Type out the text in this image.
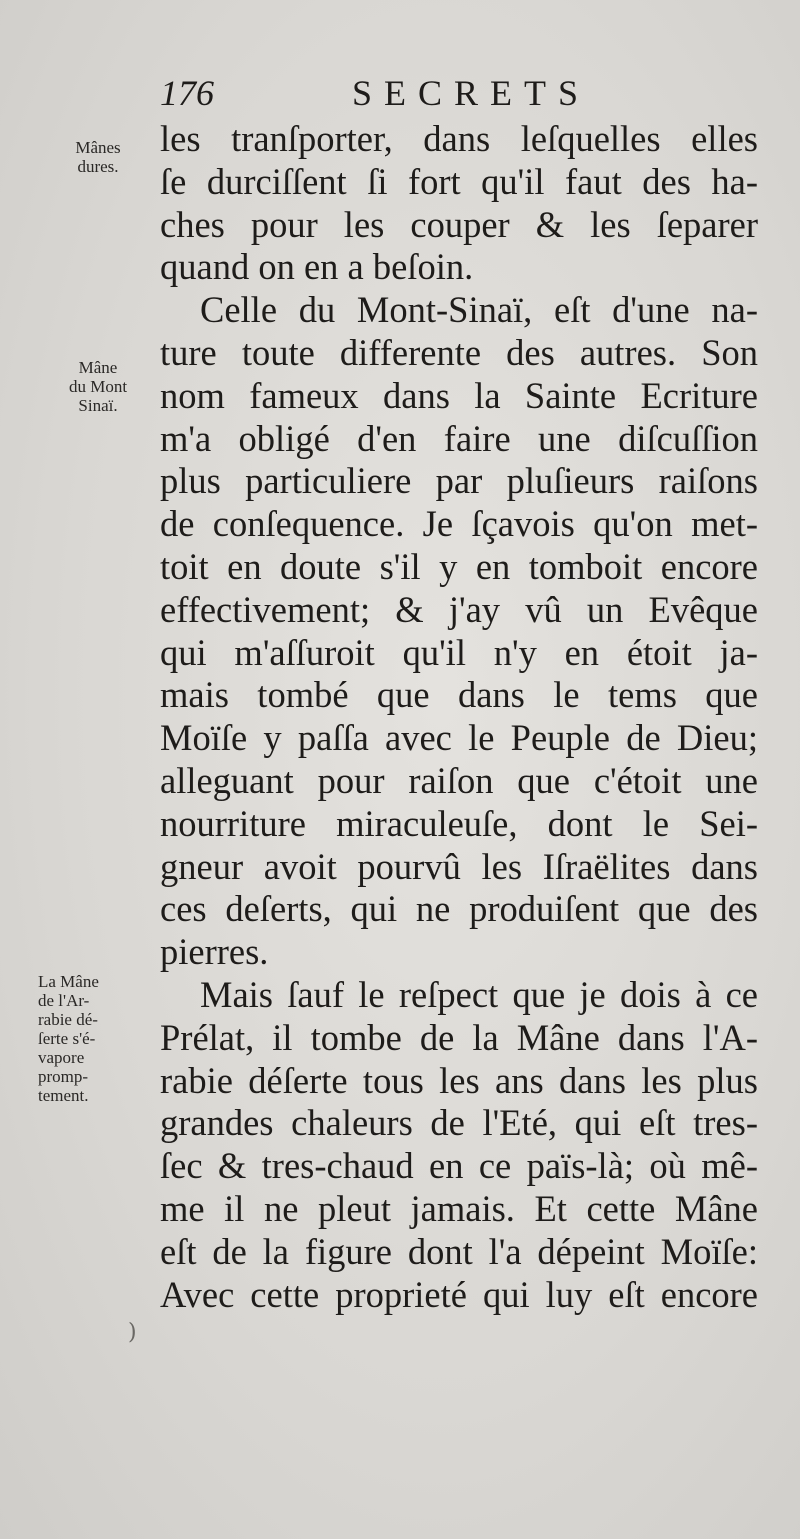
176	SECRETS
Mânes
dures.
Mâne
du Mont
Sinaï.
La Mâne
de l'Ar-
rabie dé-
ſerte s'é-
vapore
promp-
tement.
les tranſporter, dans leſquelles elles
ſe durciſſent ſi fort qu'il faut des ha-
ches pour les couper & les ſeparer
quand on en a beſoin.
Celle du Mont-Sinaï, eſt d'une na-
ture toute differente des autres. Son
nom fameux dans la Sainte Ecriture
m'a obligé d'en faire une diſcuſſion
plus particuliere par pluſieurs raiſons
de conſequence. Je ſçavois qu'on met-
toit en doute s'il y en tomboit encore
effectivement; & j'ay vû un Evêque
qui m'aſſuroit qu'il n'y en étoit ja-
mais tombé que dans le tems que
Moïſe y paſſa avec le Peuple de Dieu;
alleguant pour raiſon que c'étoit une
nourriture miraculeuſe, dont le Sei-
gneur avoit pourvû les Iſraëlites dans
ces deſerts, qui ne produiſent que des
pierres.
Mais ſauf le reſpect que je dois à ce
Prélat, il tombe de la Mâne dans l'A-
rabie déſerte tous les ans dans les plus
grandes chaleurs de l'Eté, qui eſt tres-
ſec & tres-chaud en ce païs-là; où mê-
me il ne pleut jamais. Et cette Mâne
eſt de la figure dont l'a dépeint Moïſe:
Avec cette proprieté qui luy eſt encore
)
